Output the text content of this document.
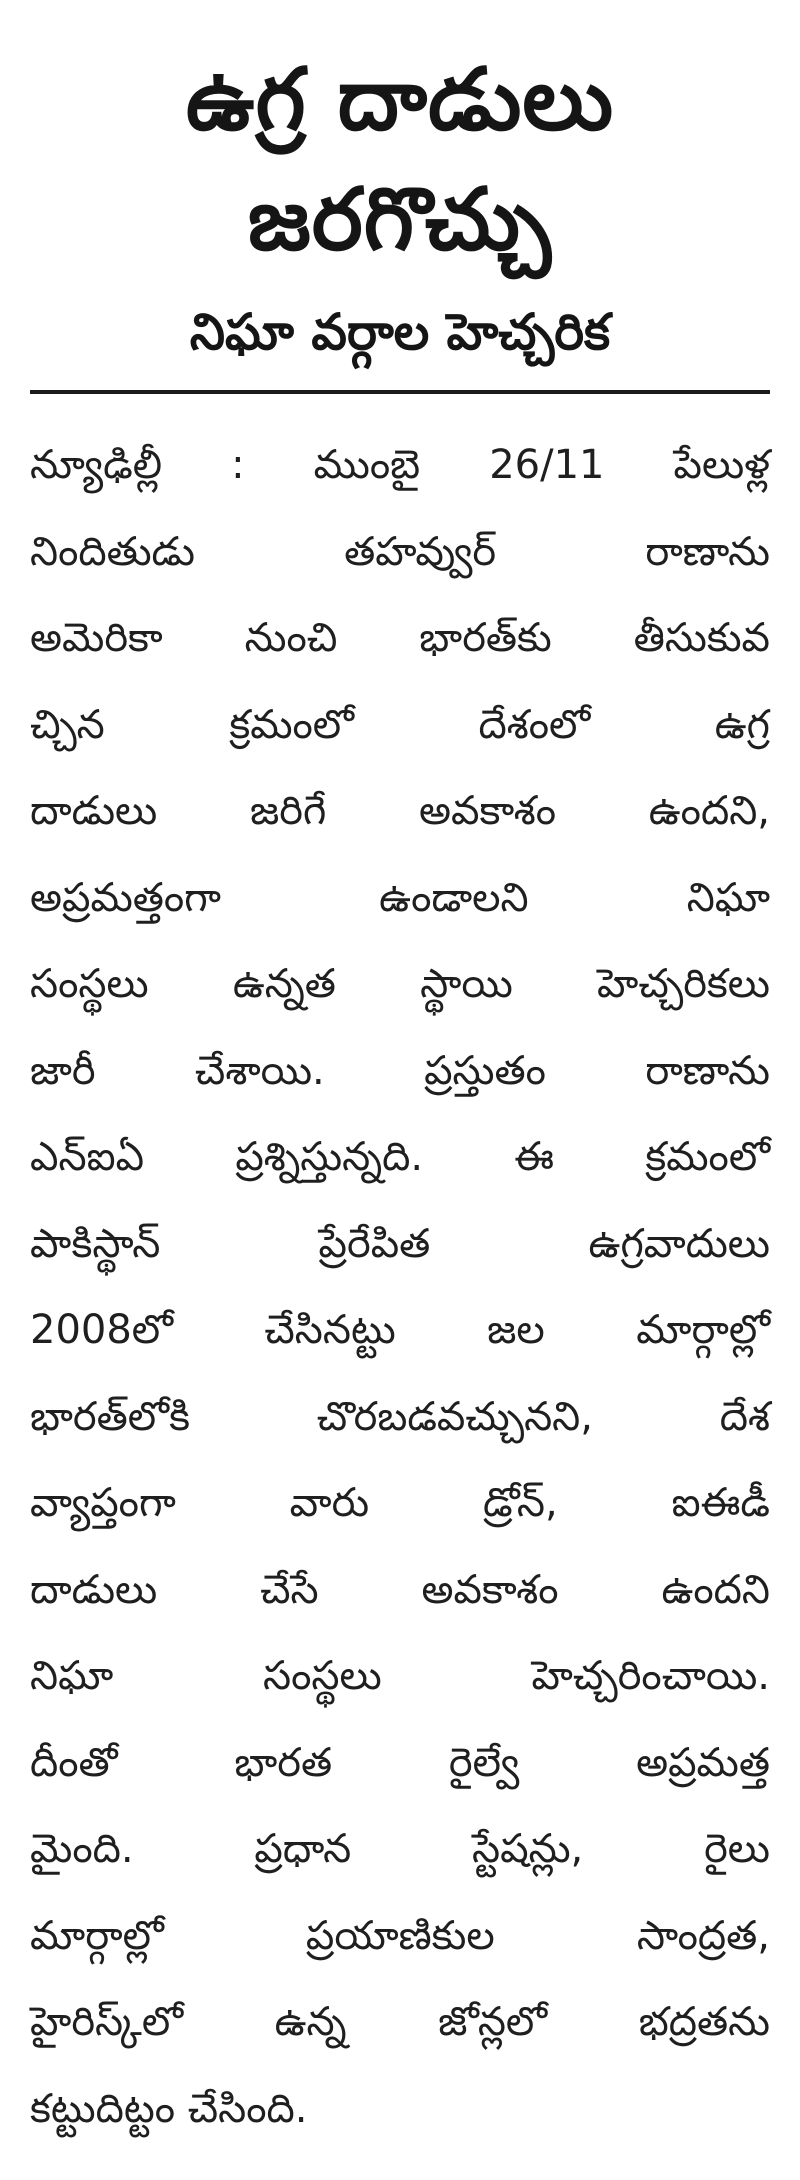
ఉగ్ర దాడులు
జరగొచ్చు
నిఘా వర్గాల హెచ్చరిక
న్యూఢిల్లీ : ముంబై 26/11 పేలుళ్ల
నిందితుడు తహవ్వుర్ రాణాను
అమెరికా నుంచి భారత్‌కు తీసుకువ
చ్చిన క్రమంలో దేశంలో ఉగ్ర
దాడులు జరిగే అవకాశం ఉందని,
అప్రమత్తంగా ఉండాలని నిఘా
సంస్థలు ఉన్నత స్థాయి హెచ్చరికలు
జారీ చేశాయి. ప్రస్తుతం రాణాను
ఎన్‌ఐఏ ప్రశ్నిస్తున్నది. ఈ క్రమంలో
పాకిస్థాన్ ప్రేరేపిత ఉగ్రవాదులు
2008లో చేసినట్టు జల మార్గాల్లో
భారత్‌లోకి చొరబడవచ్చునని, దేశ
వ్యాప్తంగా వారు డ్రోన్, ఐఈడీ
దాడులు చేసే అవకాశం ఉందని
నిఘా సంస్థలు హెచ్చరించాయి.
దీంతో భారత రైల్వే అప్రమత్త
మైంది. ప్రధాన స్టేషన్లు, రైలు
మార్గాల్లో ప్రయాణికుల సాంద్రత,
హైరిస్క్‌లో ఉన్న జోన్లలో భద్రతను
కట్టుదిట్టం చేసింది.
